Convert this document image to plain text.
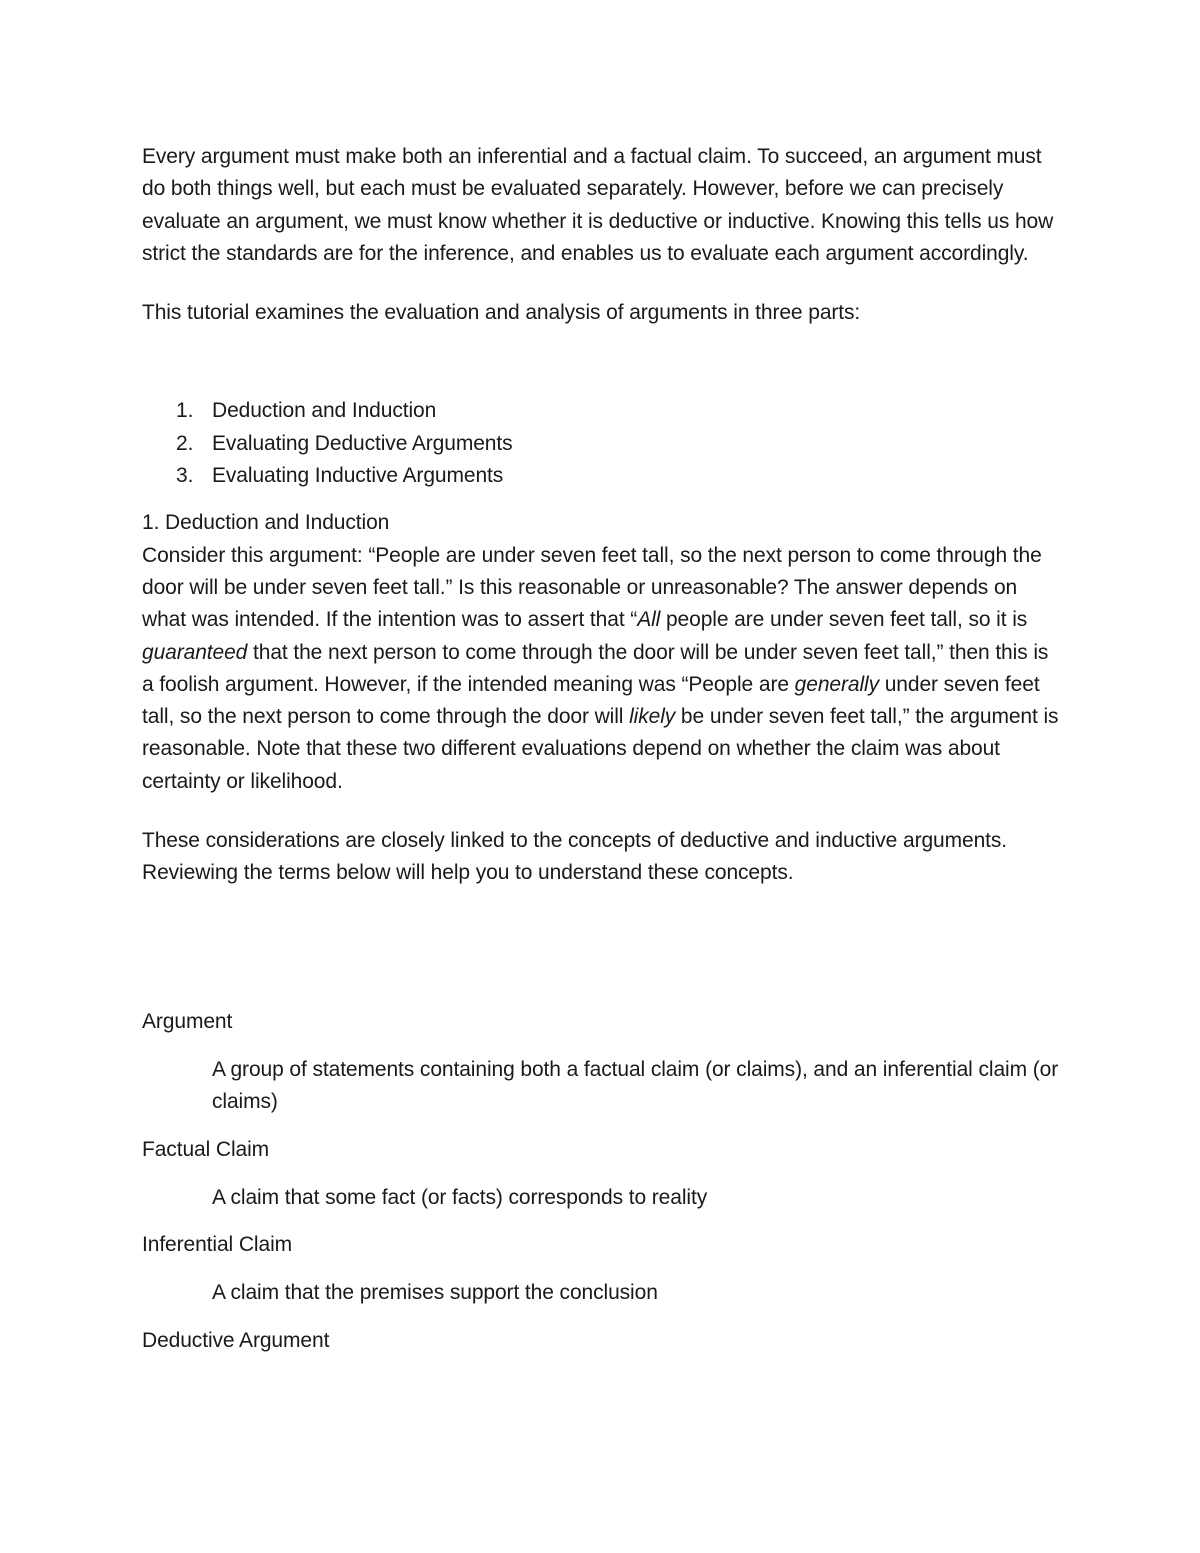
Every argument must make both an inferential and a factual claim. To succeed, an argument must do both things well, but each must be evaluated separately. However, before we can precisely evaluate an argument, we must know whether it is deductive or inductive. Knowing this tells us how strict the standards are for the inference, and enables us to evaluate each argument accordingly.

This tutorial examines the evaluation and analysis of arguments in three parts:

1. Deduction and Induction
2. Evaluating Deductive Arguments
3. Evaluating Inductive Arguments

1. Deduction and Induction

Consider this argument: “People are under seven feet tall, so the next person to come through the door will be under seven feet tall.” Is this reasonable or unreasonable? The answer depends on what was intended. If the intention was to assert that “All people are under seven feet tall, so it is guaranteed that the next person to come through the door will be under seven feet tall,” then this is a foolish argument. However, if the intended meaning was “People are generally under seven feet tall, so the next person to come through the door will likely be under seven feet tall,” the argument is reasonable. Note that these two different evaluations depend on whether the claim was about certainty or likelihood.

These considerations are closely linked to the concepts of deductive and inductive arguments. Reviewing the terms below will help you to understand these concepts.

Argument

A group of statements containing both a factual claim (or claims), and an inferential claim (or claims)

Factual Claim

A claim that some fact (or facts) corresponds to reality

Inferential Claim

A claim that the premises support the conclusion

Deductive Argument
